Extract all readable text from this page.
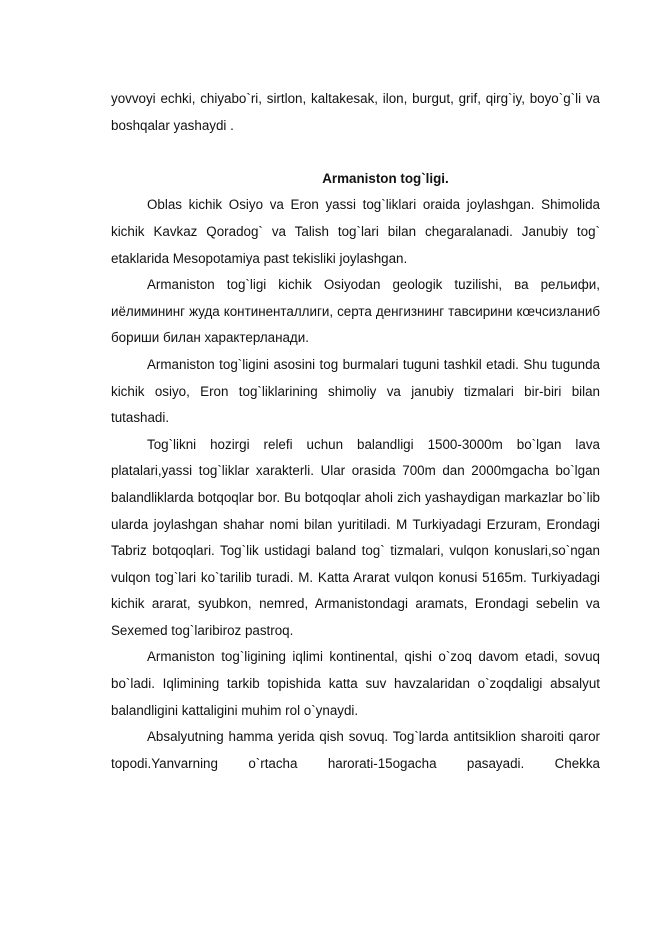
yovvoyi echki, chiyabo`ri, sirtlon, kaltakesak, ilon, burgut, grif, qirg`iy, boyo`g`li va boshqalar yashaydi .

Armaniston tog`ligi.

Oblas kichik Osiyo va Eron yassi tog`liklari oraida joylashgan. Shimolida kichik Kavkaz Qoradog` va Talish tog`lari bilan chegaralanadi. Janubiy tog` etaklarida Mesopotamiya past tekisliki joylashgan.

Armaniston tog`ligi kichik Osiyodan geologik tuzilishi, ва рeльифи, иёлимининг жуда континенталлиги, серта денгизнинг тавсирини кœчсизланиб бориши билан характерланади.

Armaniston tog`ligini asosini tog burmalari tuguni tashkil etadi. Shu tugunda kichik osiyo, Eron tog`liklarining shimoliy va janubiy tizmalari bir-biri bilan tutashadi.

Tog`likni hozirgi relefi uchun balandligi 1500-3000m bo`lgan lava platalari,yassi tog`liklar xarakterli. Ular orasida 700m dan 2000mgacha bo`lgan balandliklarda botqoqlar bor. Bu botqoqlar aholi zich yashaydigan markazlar bo`lib ularda joylashgan shahar nomi bilan yuritiladi. M Turkiyadagi Erzuram, Erondagi Tabriz botqoqlari. Tog`lik ustidagi baland tog` tizmalari, vulqon konuslari,so`ngan vulqon tog`lari ko`tarilib turadi. M. Katta Ararat vulqon konusi 5165m. Turkiyadagi kichik ararat, syubkon, nemred, Armanistondagi aramats, Erondagi sebelin va Sexemed tog`laribiroz pastroq.

Armaniston tog`ligining iqlimi kontinental, qishi o`zoq davom etadi, sovuq bo`ladi. Iqlimining tarkib topishida katta suv havzalaridan o`zoqdaligi absalyut balandligini kattaligini muhim rol o`ynaydi.

Absalyutning hamma yerida qish sovuq. Tog`larda antitsiklion sharoiti qaror topodi.Yanvarning o`rtacha harorati-15ogacha pasayadi. Chekka
